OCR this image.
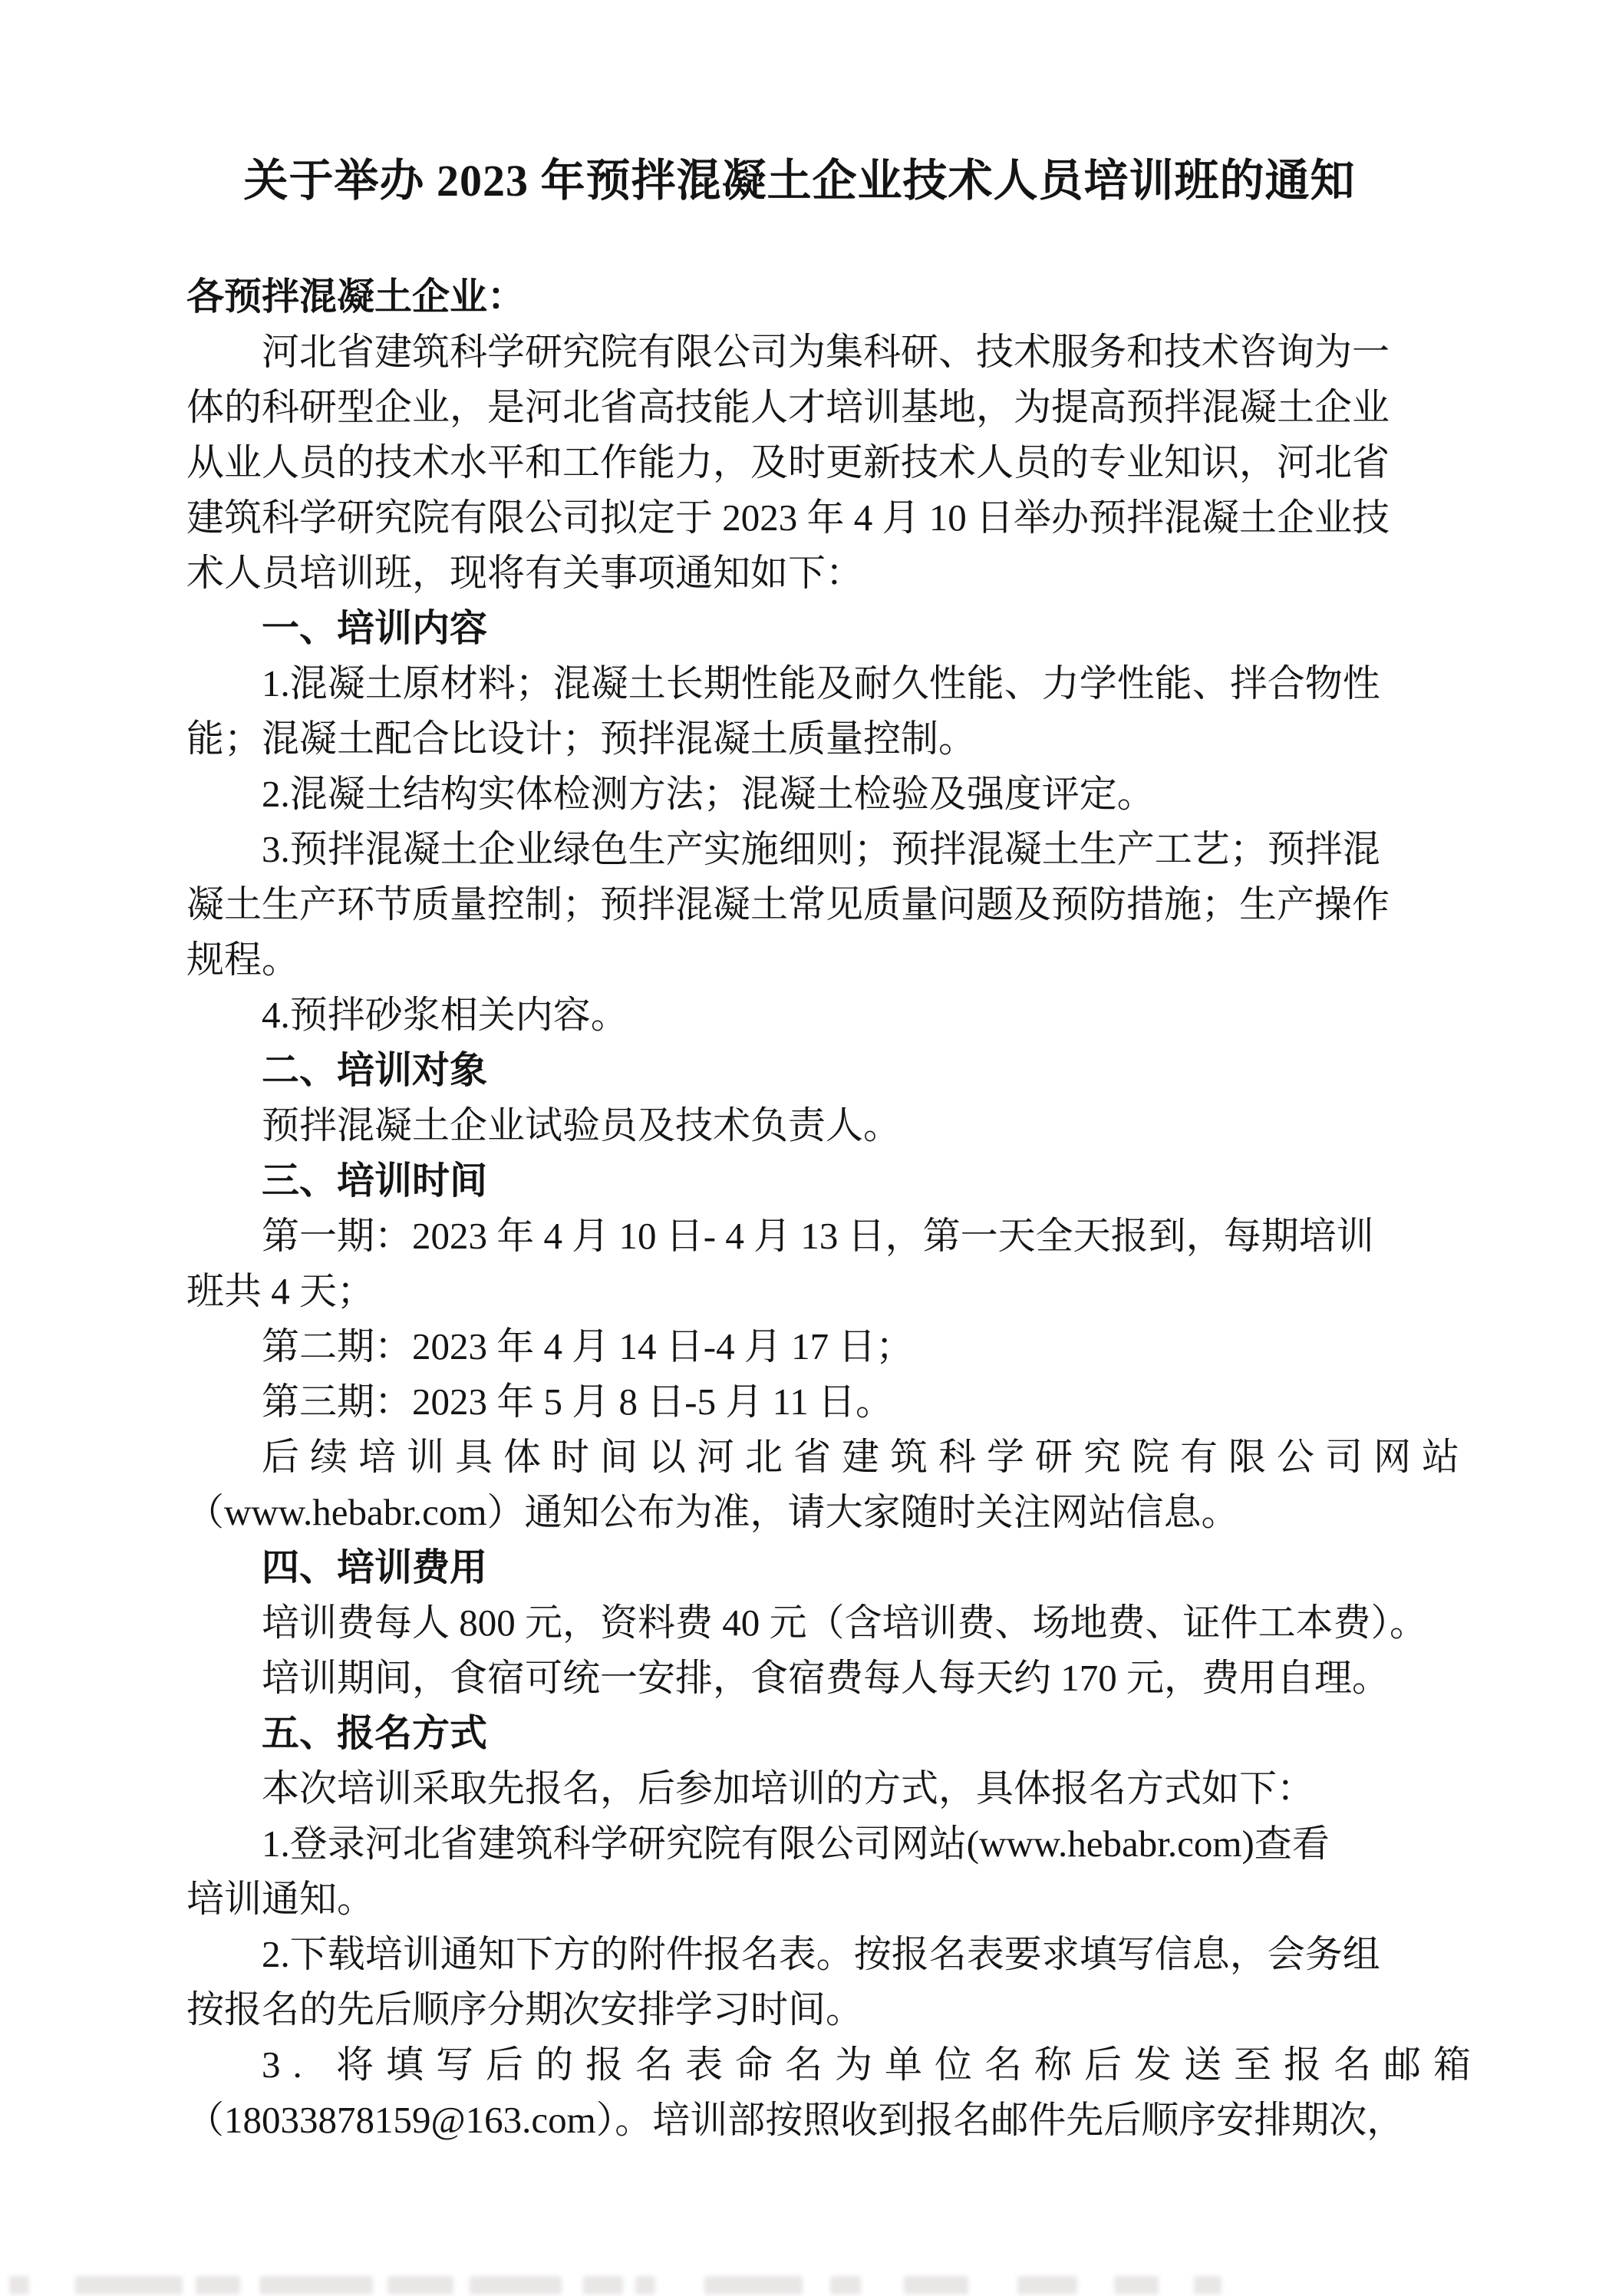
关于举办 2023 年预拌混凝土企业技术人员培训班的通知
各预拌混凝土企业：
河北省建筑科学研究院有限公司为集科研、技术服务和技术咨询为一
体的科研型企业，是河北省高技能人才培训基地，为提高预拌混凝土企业
从业人员的技术水平和工作能力，及时更新技术人员的专业知识，河北省
建筑科学研究院有限公司拟定于 2023 年 4 月 10 日举办预拌混凝土企业技
术人员培训班，现将有关事项通知如下：
一、培训内容
1.混凝土原材料；混凝土长期性能及耐久性能、力学性能、拌合物性
能；混凝土配合比设计；预拌混凝土质量控制。
2.混凝土结构实体检测方法；混凝土检验及强度评定。
3.预拌混凝土企业绿色生产实施细则；预拌混凝土生产工艺；预拌混
凝土生产环节质量控制；预拌混凝土常见质量问题及预防措施；生产操作
规程。
4.预拌砂浆相关内容。
二、培训对象
预拌混凝土企业试验员及技术负责人。
三、培训时间
第一期：2023 年 4 月 10 日- 4 月 13 日，第一天全天报到，每期培训
班共 4 天；
第二期：2023 年 4 月 14 日-4 月 17 日；
第三期：2023 年 5 月 8 日-5 月 11 日。
后续培训具体时间以河北省建筑科学研究院有限公司网站
（www.hebabr.com）通知公布为准，请大家随时关注网站信息。
四、培训费用
培训费每人 800 元，资料费 40 元（含培训费、场地费、证件工本费）。
培训期间，食宿可统一安排，食宿费每人每天约 170 元，费用自理。
五、报名方式
本次培训采取先报名，后参加培训的方式，具体报名方式如下：
1.登录河北省建筑科学研究院有限公司网站(www.hebabr.com)查看
培训通知。
2.下载培训通知下方的附件报名表。按报名表要求填写信息，会务组
按报名的先后顺序分期次安排学习时间。
3. 将填写后的报名表命名为单位名称后发送至报名邮箱
（18033878159@163.com）。培训部按照收到报名邮件先后顺序安排期次，
